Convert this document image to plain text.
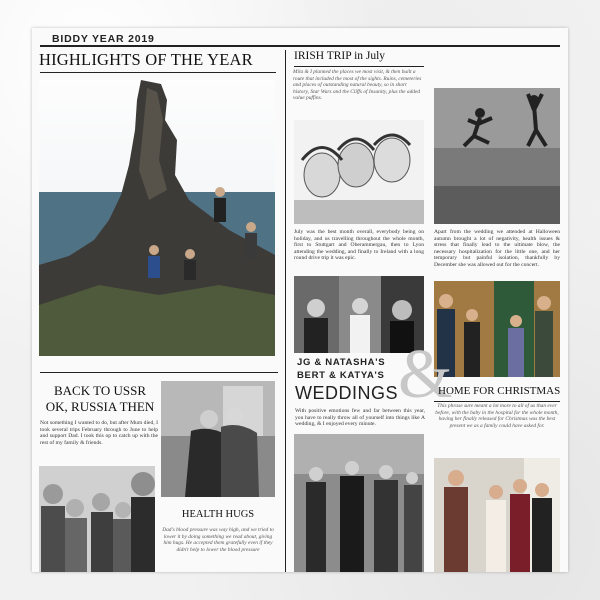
BIDDY YEAR 2019
HIGHLIGHTS OF THE YEAR	IRISH TRIP in July
Mila & I planned the places we most visit, & then built a route that included the most of the sights. Ruins, cemeteries and places of outstanding natural beauty, so in short history, Star Wars and the Cliffs of Insanity, plus the added value puffins.
July was the best month overall, everybody being on holiday, and us travelling throughout the whole month, first to Stuttgart and Oberammergau, then to Lyon attending the wedding, and finally to Ireland with a long round drive trip it was epic.
Apart from the wedding we attended at Halloween autumn brought a lot of negativity, health issues & stress that finally lead to the ultimate blow, the necessary hospitalization for the little one, and her temporary but painful isolation, thankfully by December she was allowed out for the concert.
JG & NATASHA'S
BERT & KATYA'S
WEDDINGS &
With positive emotions few and far between this year, you have to really throw all of yourself into things like A wedding, & I enjoyed every minute.
HOME FOR CHRISTMAS
This phrase sure meant a lot more to all of us than ever before, with the baby in the hospital for the whole month, having her finally released for Christmas was the best present we as a family could have asked for.
BACK TO USSR
OK, RUSSIA THEN
Not something I wanted to do, but after Mum died, I took several trips February through to June to help and support Dad. I took this op to catch up with the rest of my family & friends.
HEALTH HUGS
Dad's blood pressure was way high, and we tried to lower it by doing something we read about, giving him hugs. He accepted them gratefully even if they didn't help to lower the blood pressure
